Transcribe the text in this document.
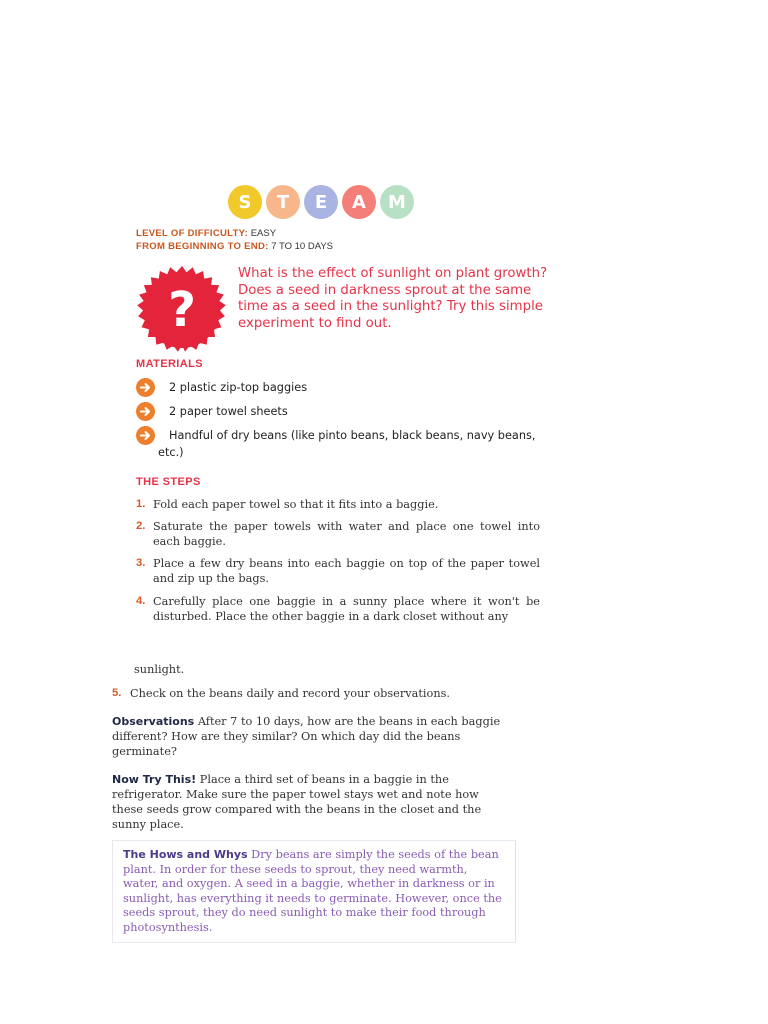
S	T	E	A	M
LEVEL OF DIFFICULTY: EASY
FROM BEGINNING TO END: 7 TO 10 DAYS
?
What is the effect of sunlight on plant growth? Does a seed in darkness sprout at the same time as a seed in the sunlight? Try this simple experiment to find out.
MATERIALS
2 plastic zip-top baggies
2 paper towel sheets
Handful of dry beans (like pinto beans, black beans, navy beans,
etc.)
THE STEPS
1. Fold each paper towel so that it fits into a baggie.
2. Saturate the paper towels with water and place one towel into each baggie.
3. Place a few dry beans into each baggie on top of the paper towel and zip up the bags.
4. Carefully place one baggie in a sunny place where it won't be disturbed. Place the other baggie in a dark closet without any
sunlight.
5. Check on the beans daily and record your observations.
Observations After 7 to 10 days, how are the beans in each baggie different? How are they similar? On which day did the beans germinate?
Now Try This! Place a third set of beans in a baggie in the refrigerator. Make sure the paper towel stays wet and note how these seeds grow compared with the beans in the closet and the sunny place.
The Hows and Whys Dry beans are simply the seeds of the bean plant. In order for these seeds to sprout, they need warmth, water, and oxygen. A seed in a baggie, whether in darkness or in sunlight, has everything it needs to germinate. However, once the seeds sprout, they do need sunlight to make their food through photosynthesis.
